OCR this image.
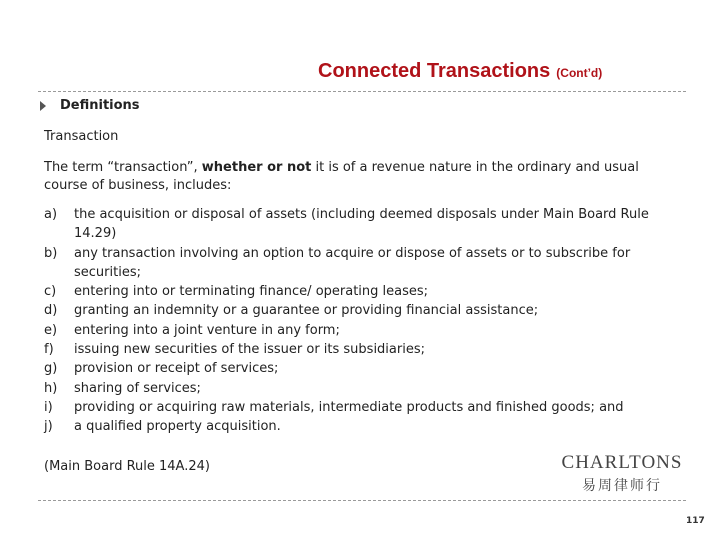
Connected Transactions (Cont’d)
Definitions
Transaction
The term “transaction”, whether or not it is of a revenue nature in the ordinary and usual course of business, includes:
a)	the acquisition or disposal of assets (including deemed disposals under Main Board Rule 14.29)
b)	any transaction involving an option to acquire or dispose of assets or to subscribe for securities;
c)	entering into or terminating finance/ operating leases;
d)	granting an indemnity or a guarantee or providing financial assistance;
e)	entering into a joint venture in any form;
f)	issuing new securities of the issuer or its subsidiaries;
g)	provision or receipt of services;
h)	sharing of services;
i)	providing or acquiring raw materials, intermediate products and finished goods; and
j)	a qualified property acquisition.
(Main Board Rule 14A.24)	CHARLTONS
易周律师行
117
